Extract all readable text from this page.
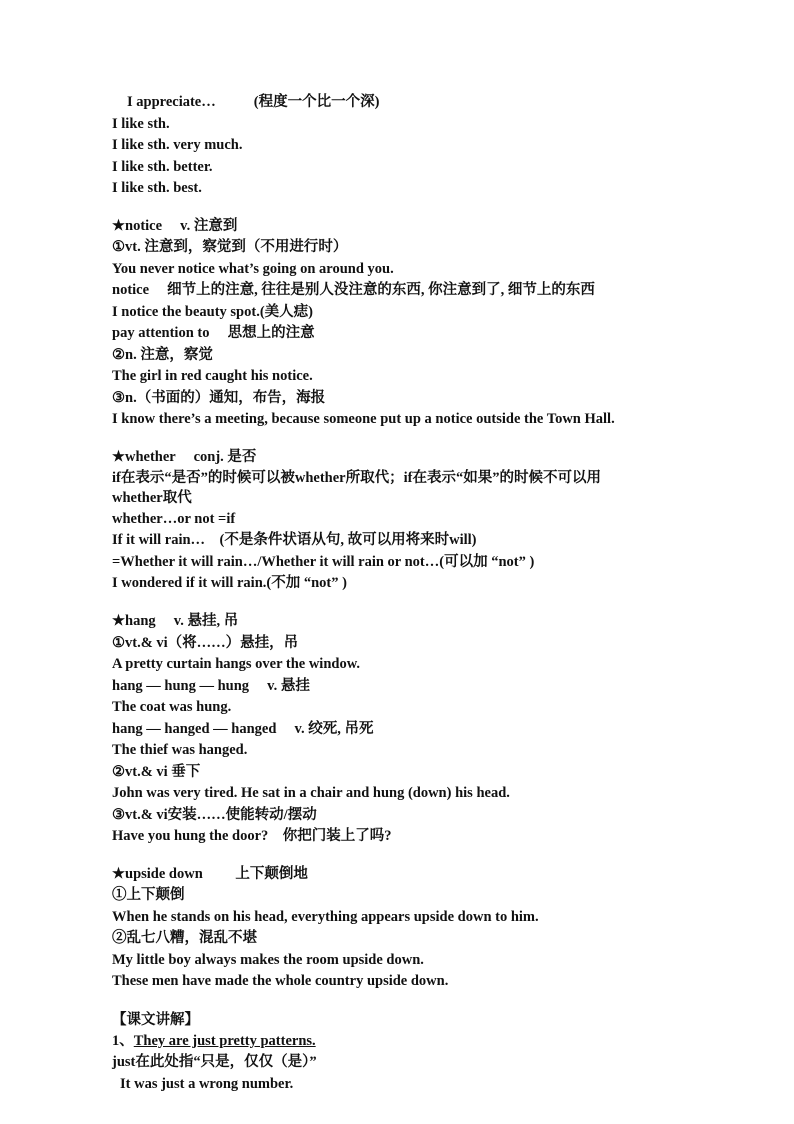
I appreciate…	(程度一个比一个深)
I like sth.
I like sth. very much.
I like sth. better.
I like sth. best.
★notice　 v. 注意到
①vt. 注意到，察觉到（不用进行时）
You never notice what’s going on around you.
notice　 细节上的注意, 往往是别人没注意的东西, 你注意到了, 细节上的东西
I notice the beauty spot.(美人痣)
pay attention to　 思想上的注意
②n. 注意，察觉
The girl in red caught his notice.
③n.（书面的）通知，布告，海报
I know there’s a meeting, because someone put up a notice outside the Town Hall.
★whether　 conj. 是否
if在表示“是否”的时候可以被whether所取代；if在表示“如果”的时候不可以用
whether取代
whether…or not =if
If it will rain…　(不是条件状语从句, 故可以用将来时will)
=Whether it will rain…/Whether it will rain or not…(可以加 “not” )
I wondered if it will rain.(不加 “not” )
★hang　 v. 悬挂, 吊
①vt.& vi（将……）悬挂，吊
A pretty curtain hangs over the window.
hang — hung — hung　 v. 悬挂
The coat was hung.
hang — hanged — hanged　 v. 绞死, 吊死
The thief was hanged.
②vt.& vi 垂下
John was very tired. He sat in a chair and hung (down) his head.
③vt.& vi安装……使能转动/摆动
Have you hung the door?　你把门装上了吗?
★upside down　　 上下颠倒地
①上下颠倒
When he stands on his head, everything appears upside down to him.
②乱七八糟，混乱不堪
My little boy always makes the room upside down.
These men have made the whole country upside down.
【课文讲解】
1、They are just pretty patterns.
just在此处指“只是，仅仅（是）”
It was just a wrong number.
